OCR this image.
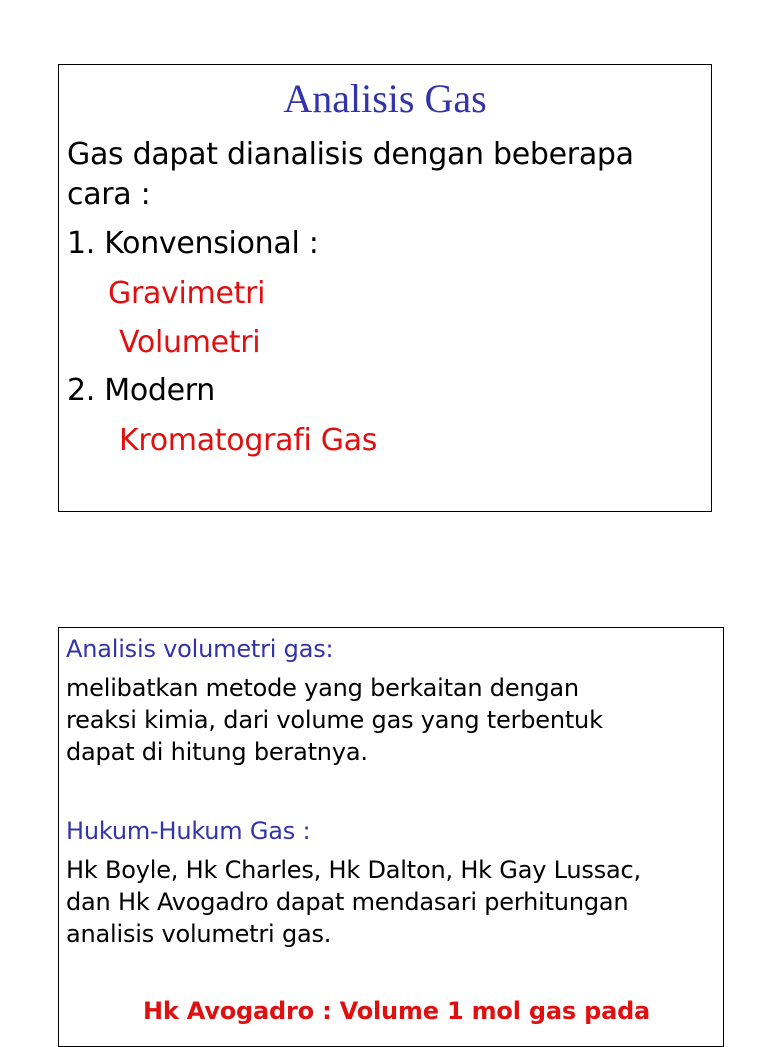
Analisis Gas
Gas dapat dianalisis dengan beberapa
cara :
1. Konvensional :
Gravimetri
Volumetri
2. Modern
Kromatografi Gas
Analisis volumetri gas:
melibatkan metode yang berkaitan dengan
reaksi kimia, dari volume gas yang terbentuk
dapat di hitung beratnya.
Hukum-Hukum Gas :
Hk Boyle, Hk Charles, Hk Dalton, Hk Gay Lussac,
dan Hk Avogadro dapat mendasari perhitungan
analisis volumetri gas.
Hk Avogadro : Volume 1 mol gas pada
